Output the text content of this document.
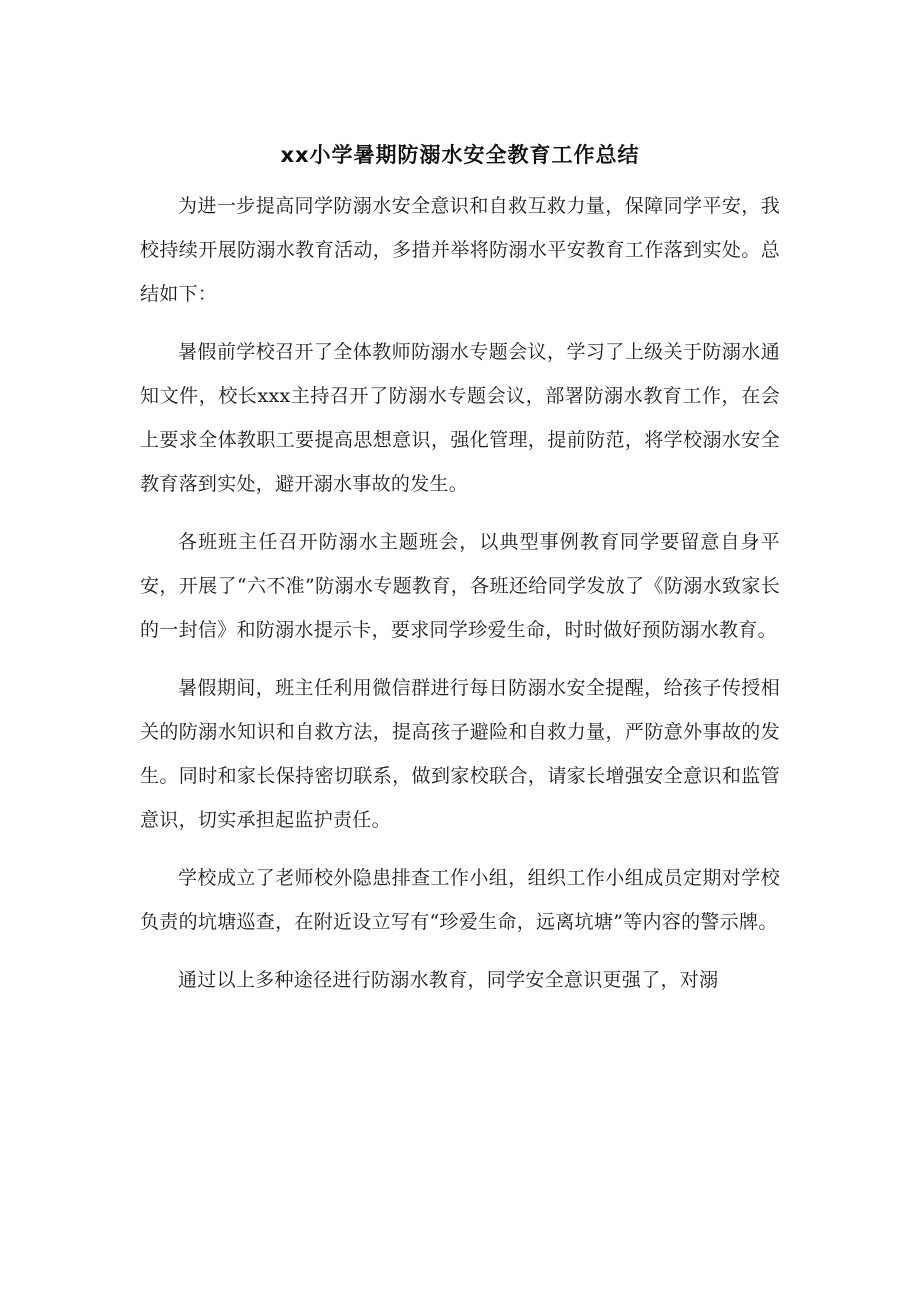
xx小学暑期防溺水安全教育工作总结

为进一步提高同学防溺水安全意识和自救互救力量，保障同学平安，我校持续开展防溺水教育活动，多措并举将防溺水平安教育工作落到实处。总结如下：

暑假前学校召开了全体教师防溺水专题会议，学习了上级关于防溺水通知文件，校长xxx主持召开了防溺水专题会议，部署防溺水教育工作，在会上要求全体教职工要提高思想意识，强化管理，提前防范，将学校溺水安全教育落到实处，避开溺水事故的发生。

各班班主任召开防溺水主题班会，以典型事例教育同学要留意自身平安，开展了“六不准”防溺水专题教育，各班还给同学发放了《防溺水致家长的一封信》和防溺水提示卡，要求同学珍爱生命，时时做好预防溺水教育。

暑假期间，班主任利用微信群进行每日防溺水安全提醒，给孩子传授相关的防溺水知识和自救方法，提高孩子避险和自救力量，严防意外事故的发生。同时和家长保持密切联系，做到家校联合，请家长增强安全意识和监管意识，切实承担起监护责任。

学校成立了老师校外隐患排查工作小组，组织工作小组成员定期对学校负责的坑塘巡查，在附近设立写有“珍爱生命，远离坑塘”等内容的警示牌。

通过以上多种途径进行防溺水教育，同学安全意识更强了，对溺
